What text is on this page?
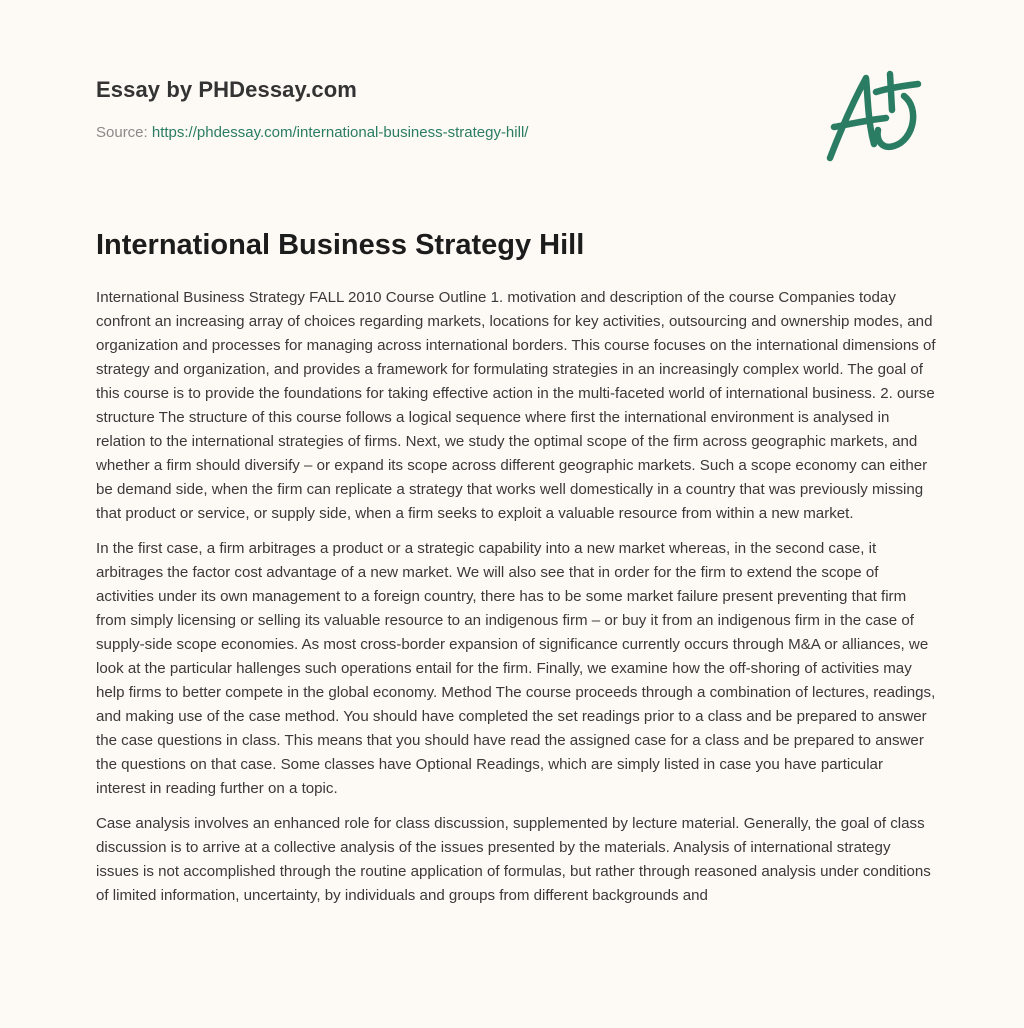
Essay by PHDessay.com
Source: https://phdessay.com/international-business-strategy-hill/
International Business Strategy Hill

International Business Strategy FALL 2010 Course Outline 1. motivation and description of the course Companies today confront an increasing array of choices regarding markets, locations for key activities, outsourcing and ownership modes, and organization and processes for managing across international borders. This course focuses on the international dimensions of strategy and organization, and provides a framework for formulating strategies in an increasingly complex world. The goal of this course is to provide the foundations for taking effective action in the multi-faceted world of international business. 2. ourse structure The structure of this course follows a logical sequence where first the international environment is analysed in relation to the international strategies of firms. Next, we study the optimal scope of the firm across geographic markets, and whether a firm should diversify – or expand its scope across different geographic markets. Such a scope economy can either be demand side, when the firm can replicate a strategy that works well domestically in a country that was previously missing that product or service, or supply side, when a firm seeks to exploit a valuable resource from within a new market.

In the first case, a firm arbitrages a product or a strategic capability into a new market whereas, in the second case, it arbitrages the factor cost advantage of a new market. We will also see that in order for the firm to extend the scope of activities under its own management to a foreign country, there has to be some market failure present preventing that firm from simply licensing or selling its valuable resource to an indigenous firm – or buy it from an indigenous firm in the case of supply-side scope economies. As most cross-border expansion of significance currently occurs through M&A or alliances, we look at the particular hallenges such operations entail for the firm. Finally, we examine how the off-shoring of activities may help firms to better compete in the global economy. Method The course proceeds through a combination of lectures, readings, and making use of the case method. You should have completed the set readings prior to a class and be prepared to answer the case questions in class. This means that you should have read the assigned case for a class and be prepared to answer the questions on that case. Some classes have Optional Readings, which are simply listed in case you have particular interest in reading further on a topic.

Case analysis involves an enhanced role for class discussion, supplemented by lecture material. Generally, the goal of class discussion is to arrive at a collective analysis of the issues presented by the materials. Analysis of international strategy issues is not accomplished through the routine application of formulas, but rather through reasoned analysis under conditions of limited information, uncertainty, by individuals and groups from different backgrounds and
